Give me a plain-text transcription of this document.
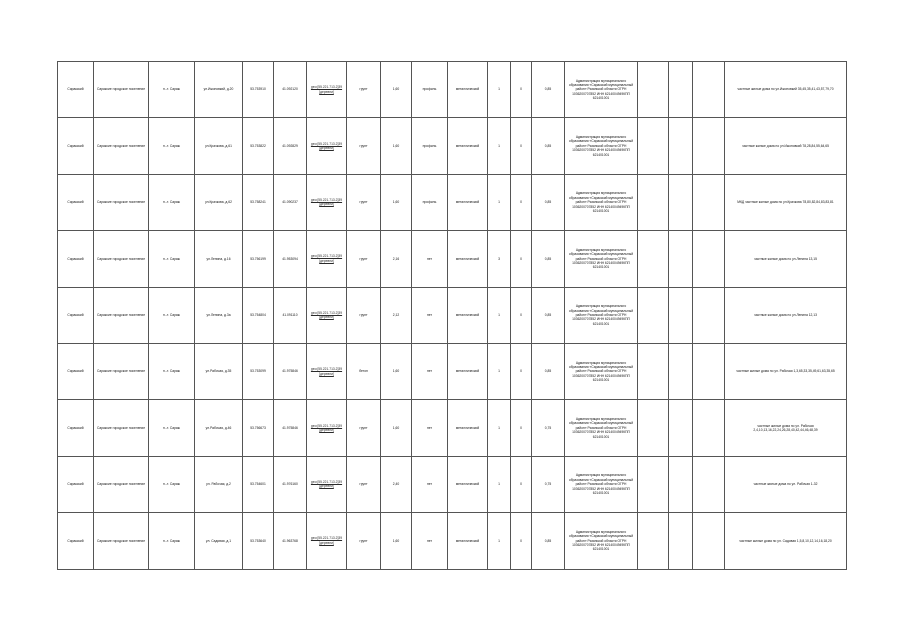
Саракский	Сараксие городское поселение	п.-т. Сараж	ул.Ижоновкий, д.20	53.753910	41.092120	geo:[55.221.713.2]39 [деревни]	грунт	1,60	профиль	металлический	1	0	0,85	Администрация муниципального образования «Саракский муниципальный район» Рязанской области ОГРН 1036200707852 ИНН 6214004949КПП 621401001				частные жилые дома по ул.Ижоновкий 35,45,35,41,43,57,79,70
Саракский	Сараксие городское поселение	п.-т. Сараж	ул.Крачкова, д.61	53.753822	41.092829	geo:[55.221.713.2]39 [деревни]	грунт	1,60	профиль	металлический	1	0	0,85	Администрация муниципального образования «Саракский муниципальный район» Рязанской области ОГРН 1036200707852 ИНН 6214004949КПП 621401001				частные жилые дома по ул.Ижоновкий 78,28,84,55,64,65
Саракский	Сараксие городское поселение	п.-т. Сараж	ул.Крачкова, д.62	53.758241	41.090237	geo:[55.221.713.2]39 [деревни]	грунт	1,60	профиль	металлический	1	0	0,85	Администрация муниципального образования «Саракский муниципальный район» Рязанской области ОГРН 1036200707852 ИНН 6214004949КПП 621401001				МКД частные жилые дома по ул.Крачкова 78,80,82,84,83,83,81
Саракский	Сараксие городское поселение	п.-т. Сараж	ул.Ленина, д.16	53.756199	41.953094	geo:[55.221.713.2]39 [деревни]	грунт	2,16	нет	металлический	3	0	0,85	Администрация муниципального образования «Саракский муниципальный район» Рязанской области ОГРН 1036200707852 ИНН 6214004949КПП 621401001				частные жилые дома по ул.Ленина 13,15
Саракский	Сараксие городское поселение	п.-т. Сараж	ул.Ленина, д.3а	53.754804	41.091110	geo:[55.221.713.2]39 [деревни]	грунт	2,12	нет	металлический	1	0	0,85	Администрация муниципального образования «Саракский муниципальный район» Рязанской области ОГРН 1036200707852 ИНН 6214004949КПП 621401001				частные жилые дома по ул.Ленина 12,13
Саракский	Сараксие городское поселение	п.-т. Сараж	ул.Рабочая, д.35	53.753099	41.975846	geo:[55.221.713.2]39 [деревни]	бетон	1,60	нет	металлический	1	0	0,85	Администрация муниципального образования «Саракский муниципальный район» Рязанской области ОГРН 1036200707852 ИНН 6214004949КПП 621401001				частные жилые дома по ул. Рабочая 1,3,65,33,35,49,61,63,35,65
Саракский	Сараксие городское поселение	п.-т. Сараж	ул.Рабочая, д.46	53.756673	41.975846	geo:[55.221.713.2]39 [деревни]	грунт	1,60	нет	металлический	1	0	0,75	Администрация муниципального образования «Саракский муниципальный район» Рязанской области ОГРН 1036200707852 ИНН 6214004949КПП 621401001				частные жилые дома по ул. Рабочая 2,4,10,13,16,22,24,26,28,40,42,44,46,48,39
Саракский	Сараксие городское поселение	п.-т. Сараж	ул. Рабочая, д.2	53.754601	41.976160	geo:[55.221.713.2]39 [деревни]	грунт	2,40	нет	металлический	1	0	0,75	Администрация муниципального образования «Саракский муниципальный район» Рязанской области ОГРН 1036200707852 ИНН 6214004949КПП 621401001				частные жилые дома по ул. Рабочая 1-32
Саракский	Сараксие городское поселение	п.-т. Сараж	ул. Садовая, д.1	53.753640	41.963768	geo:[55.221.713.2]39 [деревни]	грунт	1,60	нет	металлический	1	0	0,85	Администрация муниципального образования «Саракский муниципальный район» Рязанской области ОГРН 1036200707852 ИНН 6214004949КПП 621401001				частные жилые дома по ул. Садовая 1,5,8,10,12,14,16,18,20
